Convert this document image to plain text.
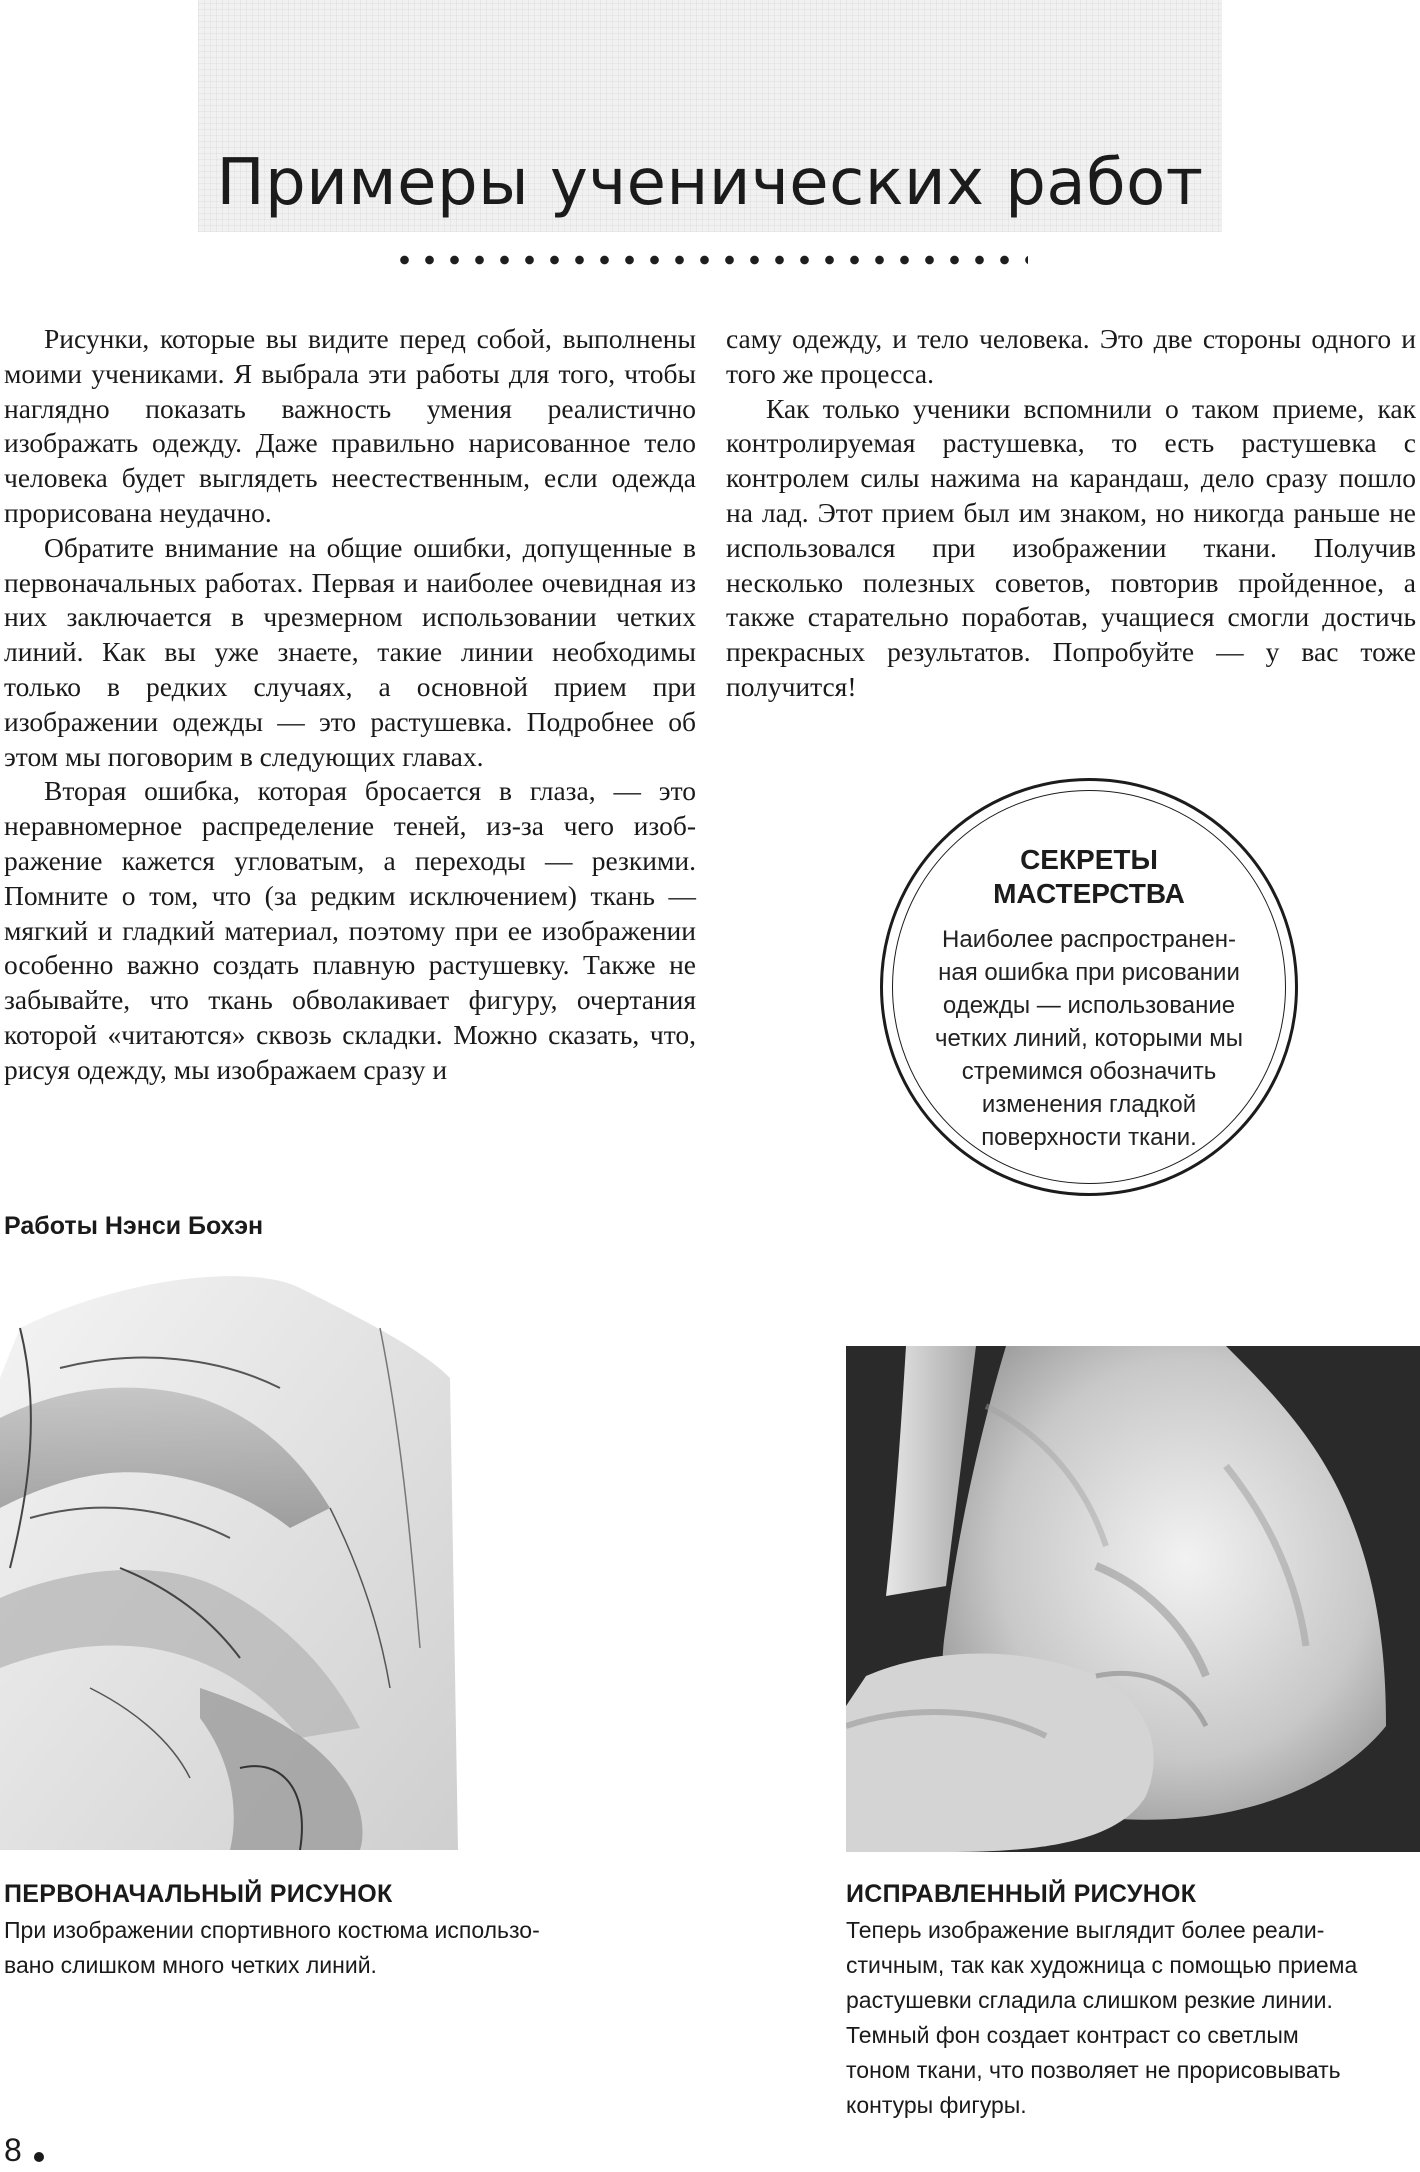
Примеры ученических работ

Рисунки, которые вы видите перед собой, выполнены моими учениками. Я выбрала эти работы для того, чтобы наглядно показать важность умения реалистично изображать одежду. Даже правильно нарисованное тело человека будет выглядеть неестественным, если одежда прорисована неудачно.

Обратите внимание на общие ошибки, допущенные в первоначальных работах. Первая и наиболее очевидная из них заключается в чрезмерном использовании четких линий. Как вы уже знаете, такие линии необходимы только в редких случаях, а основной прием при изображении одежды — это растушевка. Подробнее об этом мы поговорим в следующих главах.

Вторая ошибка, которая бросается в глаза, — это неравномерное распределение теней, из-за чего изображение кажется угловатым, а переходы — резкими. Помните о том, что (за редким исключением) ткань — мягкий и гладкий материал, поэтому при ее изображении особенно важно создать плавную растушевку. Также не забывайте, что ткань обволакивает фигуру, очертания которой «читаются» сквозь складки. Можно сказать, что, рисуя одежду, мы изображаем сразу и

саму одежду, и тело человека. Это две стороны одного и того же процесса.

Как только ученики вспомнили о таком приеме, как контролируемая растушевка, то есть растушевка с контролем силы нажима на карандаш, дело сразу пошло на лад. Этот прием был им знаком, но никогда раньше не использовался при изображении ткани. Получив несколько полезных советов, повторив пройденное, а также старательно поработав, учащиеся смогли достичь прекрасных результатов. Попробуйте — у вас тоже получится!

СЕКРЕТЫ
МАСТЕРСТВА
Наиболее распространен-
ная ошибка при рисовании
одежды — использование
четких линий, которыми мы
стремимся обозначить
изменения гладкой
поверхности ткани.

Работы Нэнси Бохэн

ПЕРВОНАЧАЛЬНЫЙ РИСУНОК

При изображении спортивного костюма использо-
вано слишком много четких линий.

ИСПРАВЛЕННЫЙ РИСУНОК

Теперь изображение выглядит более реали-
стичным, так как художница с помощью приема
растушевки сгладила слишком резкие линии.
Темный фон создает контраст со светлым
тоном ткани, что позволяет не прорисовывать
контуры фигуры.

8
